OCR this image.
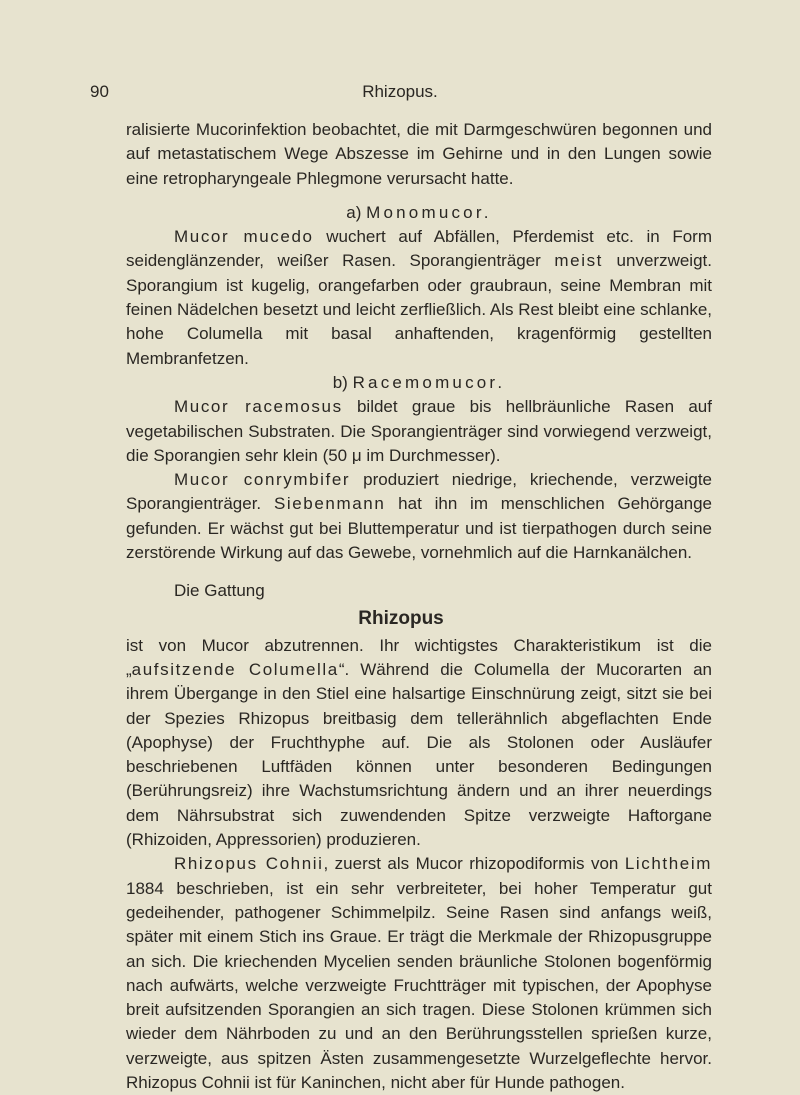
90	Rhizopus.

ralisierte Mucorinfektion beobachtet, die mit Darmgeschwüren begonnen und auf metastatischem Wege Abszesse im Gehirne und in den Lungen sowie eine retropharyngeale Phlegmone verursacht hatte.

a) Monomucor.

Mucor mucedo wuchert auf Abfällen, Pferdemist etc. in Form seidenglänzender, weißer Rasen. Sporangienträger meist unverzweigt. Sporangium ist kugelig, orangefarben oder graubraun, seine Membran mit feinen Nädelchen besetzt und leicht zerfließlich. Als Rest bleibt eine schlanke, hohe Columella mit basal anhaftenden, kragenförmig gestellten Membranfetzen.

b) Racemomucor.

Mucor racemosus bildet graue bis hellbräunliche Rasen auf vegetabilischen Substraten. Die Sporangienträger sind vorwiegend verzweigt, die Sporangien sehr klein (50 μ im Durchmesser).

Mucor conrymbifer produziert niedrige, kriechende, verzweigte Sporangienträger. Siebenmann hat ihn im menschlichen Gehörgange gefunden. Er wächst gut bei Bluttemperatur und ist tierpathogen durch seine zerstörende Wirkung auf das Gewebe, vornehmlich auf die Harnkanälchen.

Die Gattung

Rhizopus

ist von Mucor abzutrennen. Ihr wichtigstes Charakteristikum ist die „aufsitzende Columella“. Während die Columella der Mucorarten an ihrem Übergange in den Stiel eine halsartige Einschnürung zeigt, sitzt sie bei der Spezies Rhizopus breitbasig dem tellerähnlich abgeflachten Ende (Apophyse) der Fruchthyphe auf. Die als Stolonen oder Ausläufer beschriebenen Luftfäden können unter besonderen Bedingungen (Berührungsreiz) ihre Wachstumsrichtung ändern und an ihrer neuerdings dem Nährsubstrat sich zuwendenden Spitze verzweigte Haftorgane (Rhizoiden, Appressorien) produzieren.

Rhizopus Cohnii, zuerst als Mucor rhizopodiformis von Lichtheim 1884 beschrieben, ist ein sehr verbreiteter, bei hoher Temperatur gut gedeihender, pathogener Schimmelpilz. Seine Rasen sind anfangs weiß, später mit einem Stich ins Graue. Er trägt die Merkmale der Rhizopusgruppe an sich. Die kriechenden Mycelien senden bräunliche Stolonen bogenförmig nach aufwärts, welche verzweigte Fruchtträger mit typischen, der Apophyse breit aufsitzenden Sporangien an sich tragen. Diese Stolonen krümmen sich wieder dem Nährboden zu und an den Berührungsstellen sprießen kurze, verzweigte, aus spitzen Ästen zusammengesetzte Wurzelgeflechte hervor. Rhizopus Cohnii ist für Kaninchen, nicht aber für Hunde pathogen.
